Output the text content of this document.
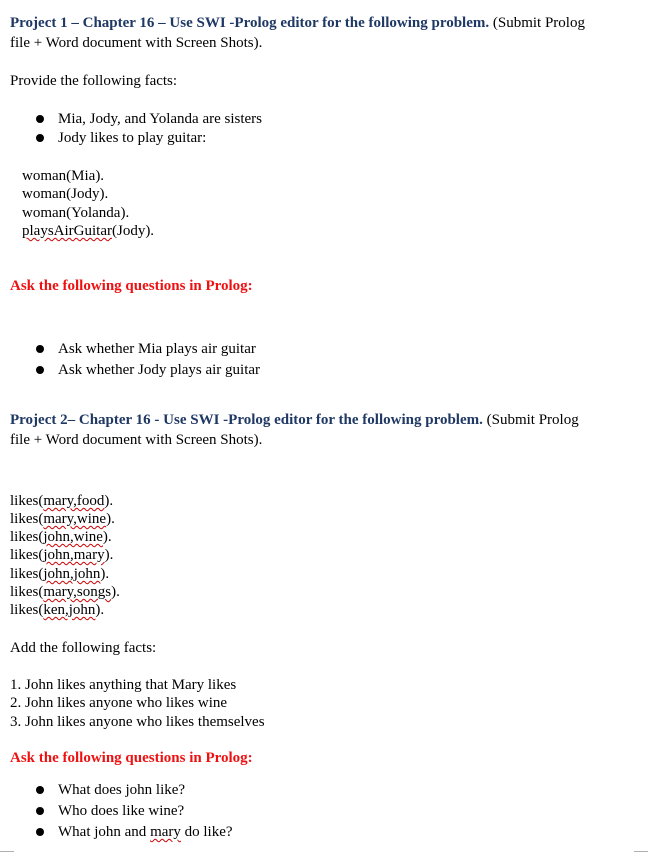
Project 1 – Chapter 16 – Use SWI -Prolog editor for the following problem. (Submit Prolog
file + Word document with Screen Shots).
Provide the following facts:
Mia, Jody, and Yolanda are sisters
Jody likes to play guitar:
woman(Mia).
woman(Jody).
woman(Yolanda).
playsAirGuitar(Jody).
Ask the following questions in Prolog:
Ask whether Mia plays air guitar
Ask whether Jody plays air guitar
Project 2– Chapter 16 - Use SWI -Prolog editor for the following problem. (Submit Prolog
file + Word document with Screen Shots).
likes(mary,food).
likes(mary,wine).
likes(john,wine).
likes(john,mary).
likes(john,john).
likes(mary,songs).
likes(ken,john).
Add the following facts:
1. John likes anything that Mary likes
2. John likes anyone who likes wine
3. John likes anyone who likes themselves
Ask the following questions in Prolog:
What does john like?
Who does like wine?
What john and mary do like?
